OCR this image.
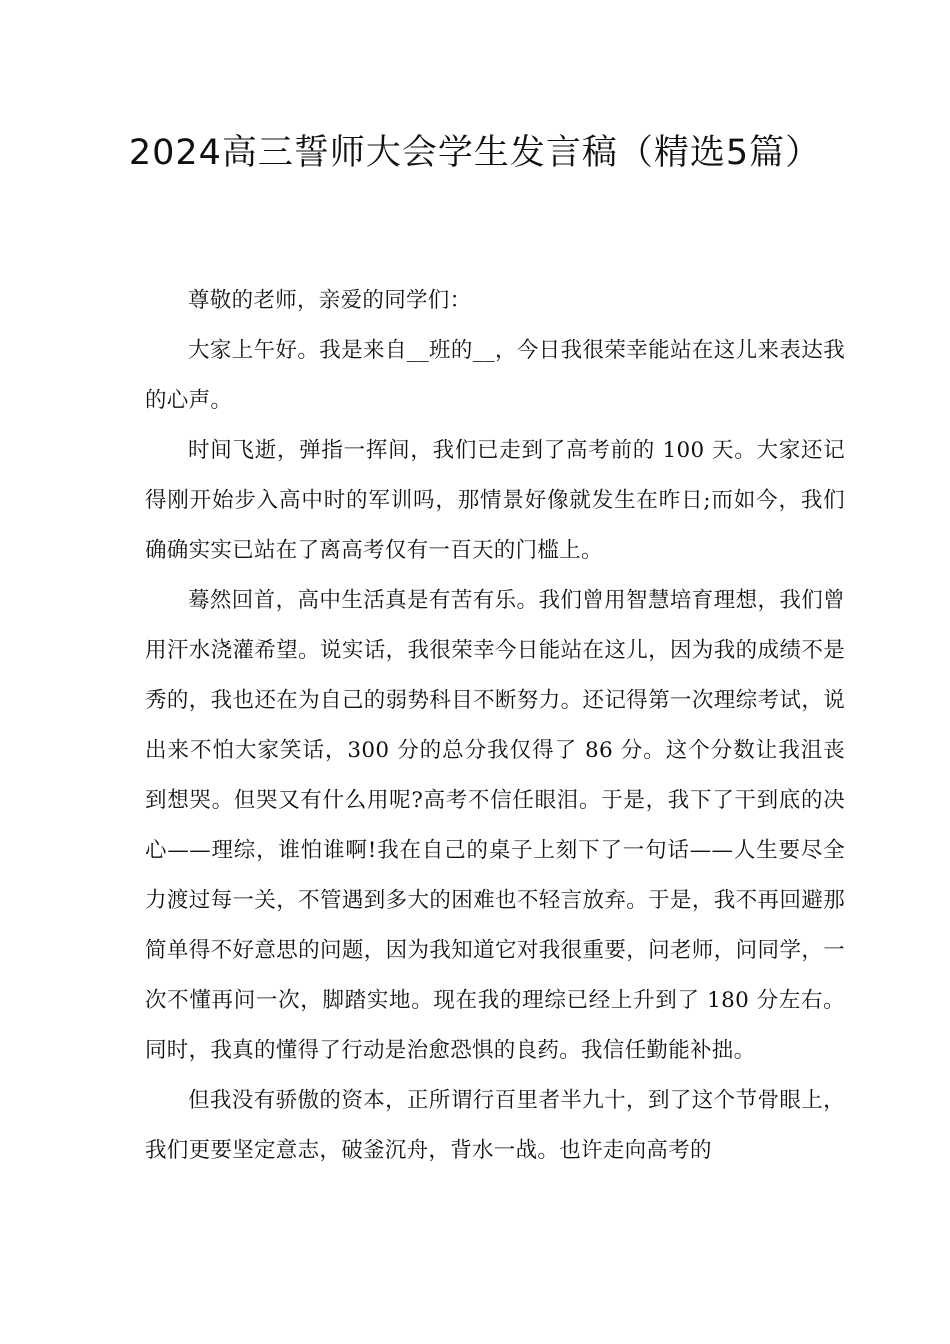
2024高三誓师大会学生发言稿（精选5篇）

尊敬的老师，亲爱的同学们：

大家上午好。我是来自__班的__，今日我很荣幸能站在这儿来表达我的心声。

时间飞逝，弹指一挥间，我们已走到了高考前的 100 天。大家还记得刚开始步入高中时的军训吗，那情景好像就发生在昨日;而如今，我们确确实实已站在了离高考仅有一百天的门槛上。

蓦然回首，高中生活真是有苦有乐。我们曾用智慧培育理想，我们曾用汗水浇灌希望。说实话，我很荣幸今日能站在这儿，因为我的成绩不是秀的，我也还在为自己的弱势科目不断努力。还记得第一次理综考试，说出来不怕大家笑话，300 分的总分我仅得了 86 分。这个分数让我沮丧到想哭。但哭又有什么用呢?高考不信任眼泪。于是，我下了干到底的决心——理综，谁怕谁啊!我在自己的桌子上刻下了一句话——人生要尽全力渡过每一关，不管遇到多大的困难也不轻言放弃。于是，我不再回避那简单得不好意思的问题，因为我知道它对我很重要，问老师，问同学，一次不懂再问一次，脚踏实地。现在我的理综已经上升到了 180 分左右。同时，我真的懂得了行动是治愈恐惧的良药。我信任勤能补拙。

但我没有骄傲的资本，正所谓行百里者半九十，到了这个节骨眼上，我们更要坚定意志，破釜沉舟，背水一战。也许走向高考的
